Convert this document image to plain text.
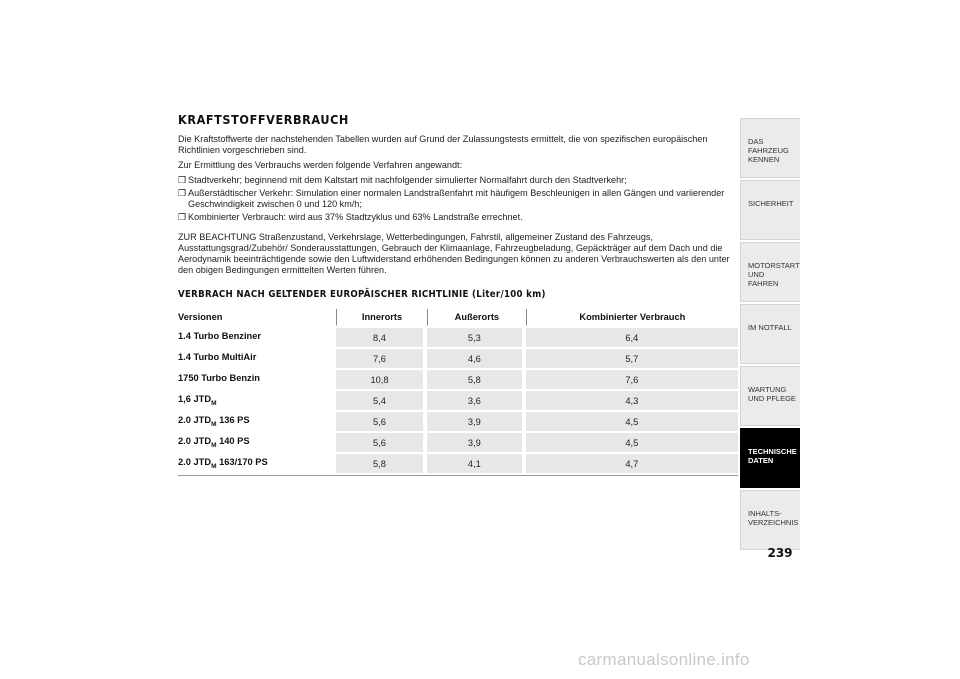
KRAFTSTOFFVERBRAUCH

Die Kraftstoffwerte der nachstehenden Tabellen wurden auf Grund der Zulassungstests ermittelt, die von spezifischen europäischen Richtlinien vorgeschrieben sind.

Zur Ermittlung des Verbrauchs werden folgende Verfahren angewandt:

❒ Stadtverkehr; beginnend mit dem Kaltstart mit nachfolgender simulierter Normalfahrt durch den Stadtverkehr;

❒ Außerstädtischer Verkehr: Simulation einer normalen Landstraßenfahrt mit häufigem Beschleunigen in allen Gängen und variierender Geschwindigkeit zwischen 0 und 120 km/h;

❒ Kombinierter Verbrauch: wird aus 37% Stadtzyklus und 63% Landstraße errechnet.

ZUR BEACHTUNG Straßenzustand, Verkehrslage, Wetterbedingungen, Fahrstil, allgemeiner Zustand des Fahrzeugs, Ausstattungsgrad/Zubehör/ Sonderausstattungen, Gebrauch der Klimaanlage, Fahrzeugbeladung, Gepäckträger auf dem Dach und die Aerodynamik beeinträchtigende sowie den Luftwiderstand erhöhenden Bedingungen können zu anderen Verbrauchswerten als den unter den obigen Bedingungen ermittelten Werten führen.

VERBRACH NACH GELTENDER EUROPÄISCHER RICHTLINIE (Liter/100 km)
Versionen	Innerorts	Außerorts	Kombinierter Verbrauch
1.4 Turbo Benziner	8,4	5,3	6,4
1.4 Turbo MultiAir	7,6	4,6	5,7
1750 Turbo Benzin	10,8	5,8	7,6
1,6 $JTD_M$	5,4	3,6	4,3
2.0 $JTD_M$ 136 PS	5,6	3,9	4,5
2.0 $JTD_M$ 140 PS	5,6	3,9	4,5
2.0 $JTD_M$ 163/170 PS	5,8	4,1	4,7
DAS FAHRZEUG KENNEN
SICHERHEIT
MOTORSTART UND FAHREN
IM NOTFALL
WARTUNG UND PFLEGE
TECHNISCHE DATEN
INHALTS- VERZEICHNIS
239
carmanualsonline.info
